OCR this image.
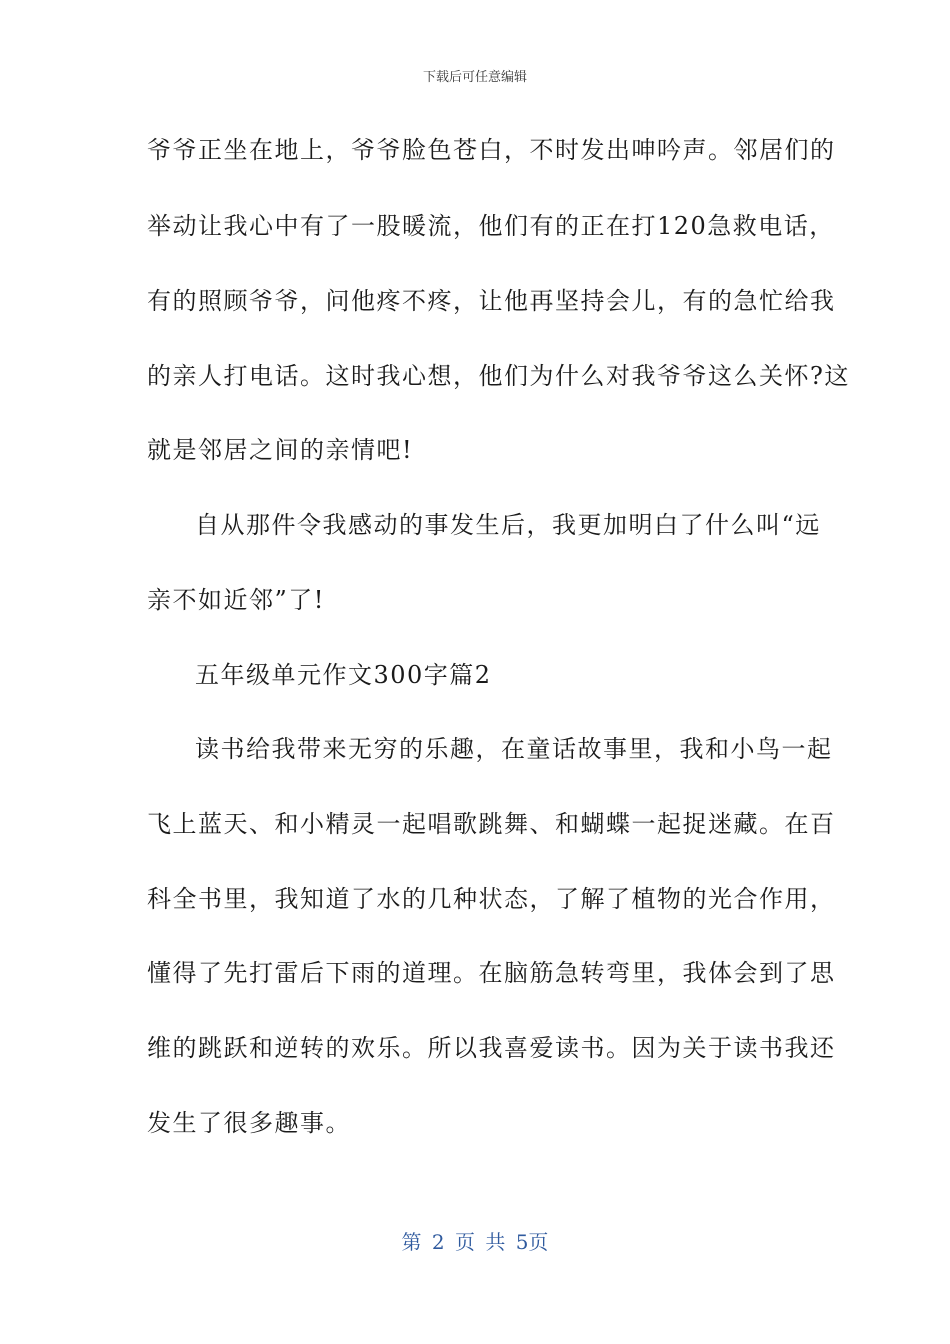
下载后可任意编辑
爷爷正坐在地上，爷爷脸色苍白，不时发出呻吟声。邻居们的
举动让我心中有了一股暖流，他们有的正在打120急救电话，
有的照顾爷爷，问他疼不疼，让他再坚持会儿，有的急忙给我
的亲人打电话。这时我心想，他们为什么对我爷爷这么关怀?这
就是邻居之间的亲情吧!
自从那件令我感动的事发生后，我更加明白了什么叫“远
亲不如近邻”了!
五年级单元作文300字篇2
读书给我带来无穷的乐趣，在童话故事里，我和小鸟一起
飞上蓝天、和小精灵一起唱歌跳舞、和蝴蝶一起捉迷藏。在百
科全书里，我知道了水的几种状态，了解了植物的光合作用，
懂得了先打雷后下雨的道理。在脑筋急转弯里，我体会到了思
维的跳跃和逆转的欢乐。所以我喜爱读书。因为关于读书我还
发生了很多趣事。
第 2 页 共 5页
